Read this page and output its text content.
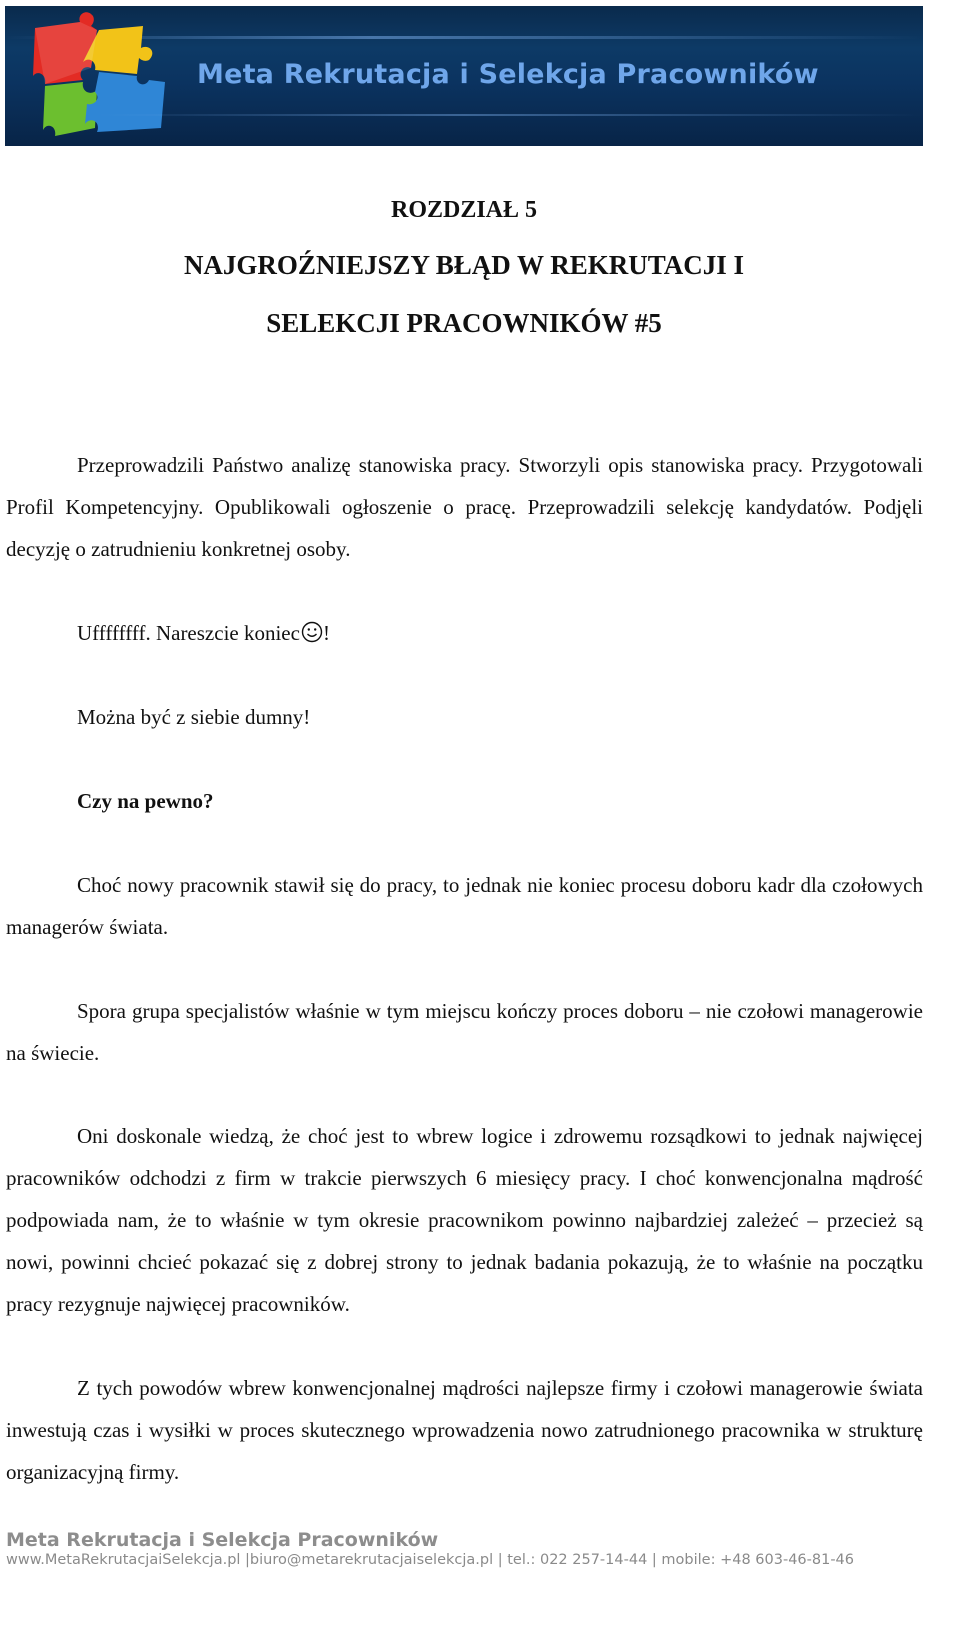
Meta Rekrutacja i Selekcja Pracowników
ROZDZIAŁ 5
NAJGROŹNIEJSZY BŁĄD W REKRUTACJI I
SELEKCJI PRACOWNIKÓW #5

Przeprowadzili Państwo analizę stanowiska pracy. Stworzyli opis stanowiska pracy. Przygotowali Profil Kompetencyjny. Opublikowali ogłoszenie o pracę. Przeprowadzili selekcję kandydatów. Podjęli decyzję o zatrudnieniu konkretnej osoby.

Uffffffff. Nareszcie koniec !

Można być z siebie dumny!

Czy na pewno?

Choć nowy pracownik stawił się do pracy, to jednak nie koniec procesu doboru kadr dla czołowych managerów świata.

Spora grupa specjalistów właśnie w tym miejscu kończy proces doboru – nie czołowi managerowie na świecie.

Oni doskonale wiedzą, że choć jest to wbrew logice i zdrowemu rozsądkowi to jednak najwięcej pracowników odchodzi z firm w trakcie pierwszych 6 miesięcy pracy. I choć konwencjonalna mądrość podpowiada nam, że to właśnie w tym okresie pracownikom powinno najbardziej zależeć – przecież są nowi, powinni chcieć pokazać się z dobrej strony to jednak badania pokazują, że to właśnie na początku pracy rezygnuje najwięcej pracowników.

Z tych powodów wbrew konwencjonalnej mądrości najlepsze firmy i czołowi managerowie świata inwestują czas i wysiłki w proces skutecznego wprowadzenia nowo zatrudnionego pracownika w strukturę organizacyjną firmy.

Meta Rekrutacja i Selekcja Pracowników
www.MetaRekrutacjaiSelekcja.pl |biuro@metarekrutacjaiselekcja.pl | tel.: 022 257-14-44 | mobile: +48 603-46-81-46
